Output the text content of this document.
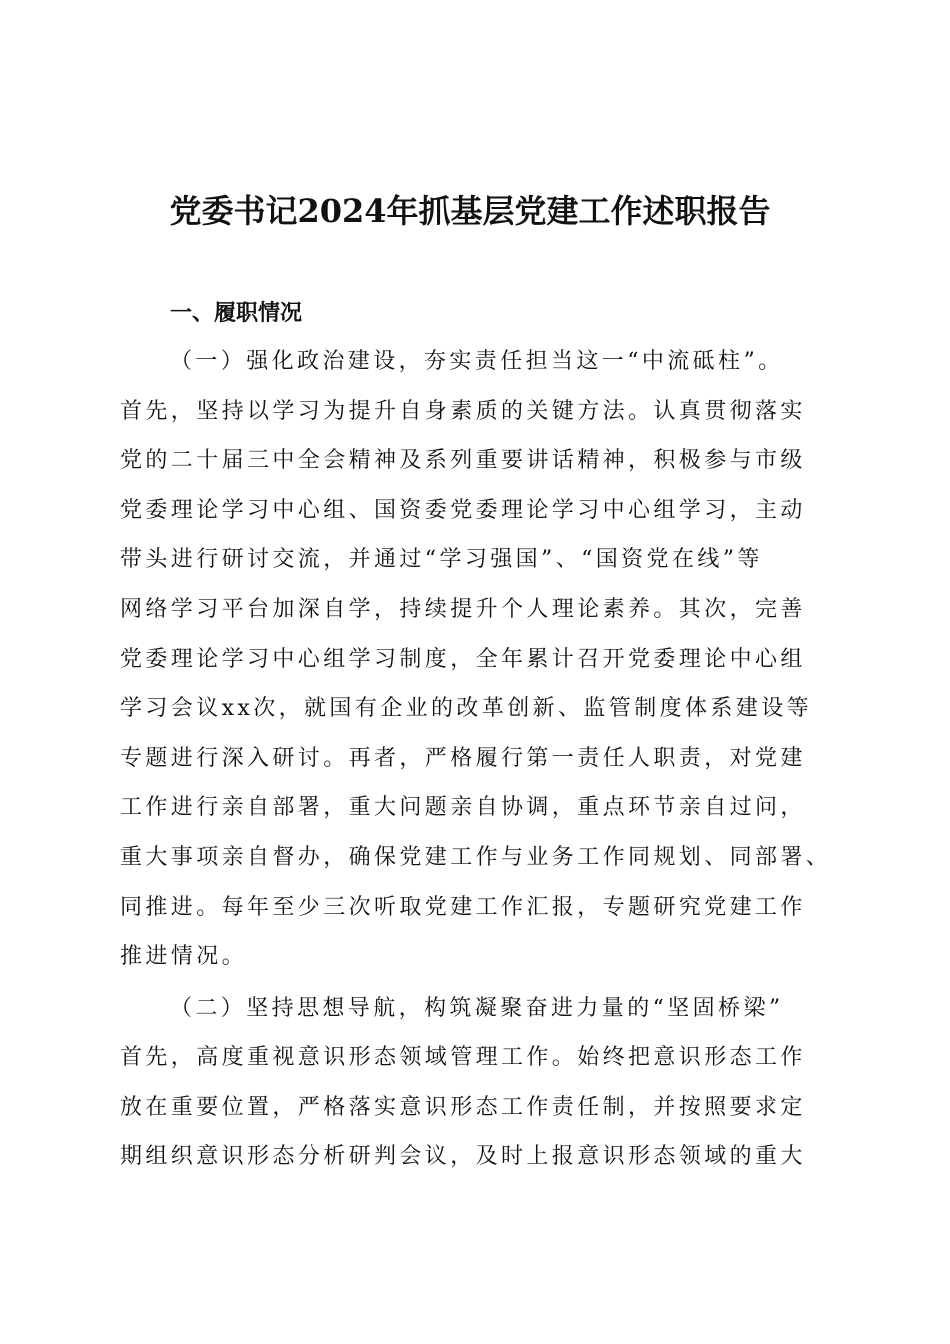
党委书记2024年抓基层党建工作述职报告
一、履职情况

（一）强化政治建设，夯实责任担当这一“中流砥柱”。

首先，坚持以学习为提升自身素质的关键方法。认真贯彻落实

党的二十届三中全会精神及系列重要讲话精神，积极参与市级

党委理论学习中心组、国资委党委理论学习中心组学习，主动

带头进行研讨交流，并通过“学习强国”、“国资党在线”等

网络学习平台加深自学，持续提升个人理论素养。其次，完善

党委理论学习中心组学习制度，全年累计召开党委理论中心组

学习会议xx次，就国有企业的改革创新、监管制度体系建设等

专题进行深入研讨。再者，严格履行第一责任人职责，对党建

工作进行亲自部署，重大问题亲自协调，重点环节亲自过问，

重大事项亲自督办，确保党建工作与业务工作同规划、同部署、

同推进。每年至少三次听取党建工作汇报，专题研究党建工作

推进情况。

（二）坚持思想导航，构筑凝聚奋进力量的“坚固桥梁”

首先，高度重视意识形态领域管理工作。始终把意识形态工作

放在重要位置，严格落实意识形态工作责任制，并按照要求定

期组织意识形态分析研判会议，及时上报意识形态领域的重大
